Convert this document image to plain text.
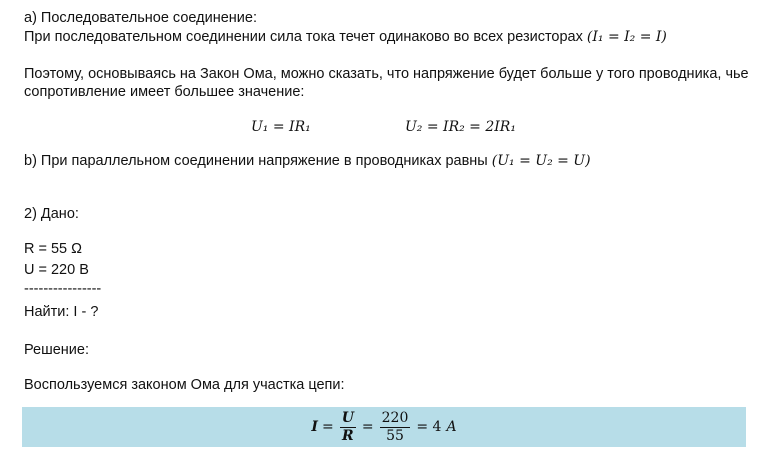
a) Последовательное соединение:
При последовательном соединении сила тока течет одинаково во всех резисторах (I₁ = I₂ = I)
Поэтому, основываясь на Закон Ома, можно сказать, что напряжение будет больше у того проводника, чье
сопротивление имеет большее значение:
U₁ = IR₁	U₂ = IR₂ = 2IR₁
b) При параллельном соединении напряжение в проводниках равны (U₁ = U₂ = U)
2) Дано:
R = 55 Ω
U = 220 В
----------------
Найти: I - ?
Решение:
Воспользуемся законом Ома для участка цепи:
$I = \frac{U}{R} = \frac{220}{55} = 4$ A
